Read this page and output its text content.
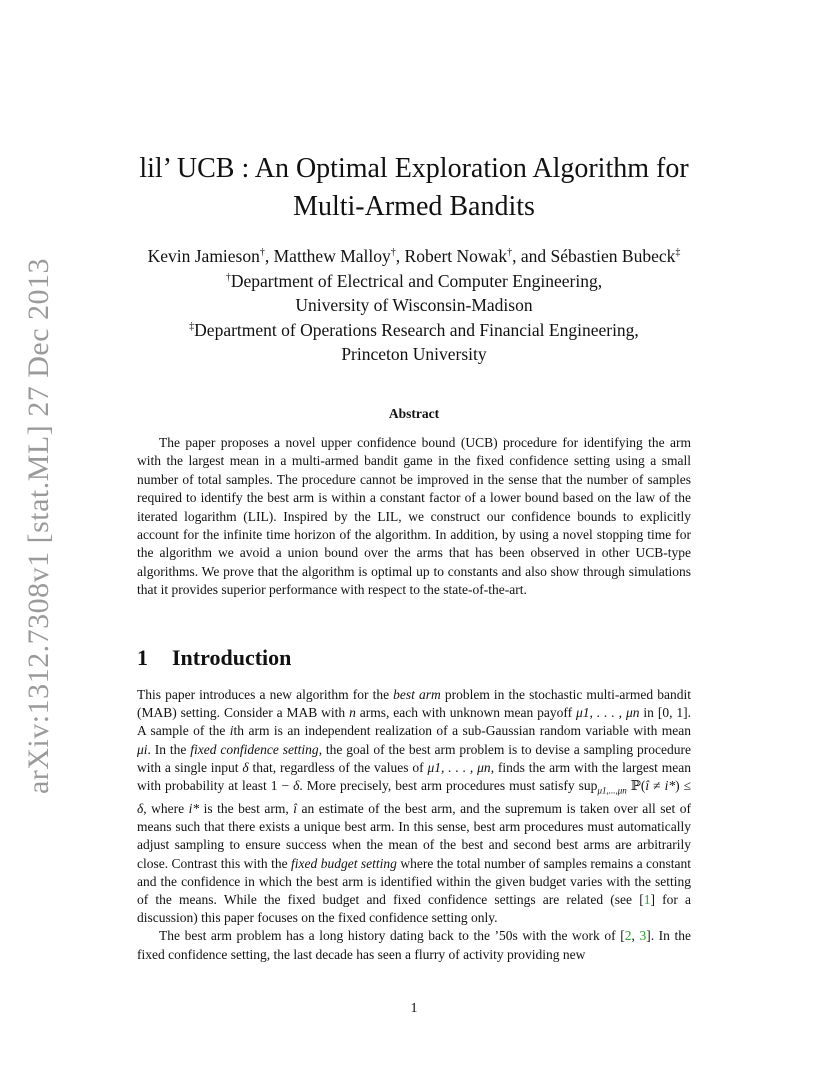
arXiv:1312.7308v1 [stat.ML] 27 Dec 2013
lil’ UCB : An Optimal Exploration Algorithm for
Multi-Armed Bandits
Kevin Jamieson†, Matthew Malloy†, Robert Nowak†, and Sébastien Bubeck‡
†Department of Electrical and Computer Engineering,
University of Wisconsin-Madison
‡Department of Operations Research and Financial Engineering,
Princeton University
Abstract
The paper proposes a novel upper confidence bound (UCB) procedure for identifying the arm with the largest mean in a multi-armed bandit game in the fixed confidence setting using a small number of total samples. The procedure cannot be improved in the sense that the number of samples required to identify the best arm is within a constant factor of a lower bound based on the law of the iterated logarithm (LIL). Inspired by the LIL, we construct our confidence bounds to explicitly account for the infinite time horizon of the algorithm. In addition, by using a novel stopping time for the algorithm we avoid a union bound over the arms that has been observed in other UCB-type algorithms. We prove that the algorithm is optimal up to constants and also show through simulations that it provides superior performance with respect to the state-of-the-art.
1 Introduction

This paper introduces a new algorithm for the best arm problem in the stochastic multi-armed bandit (MAB) setting. Consider a MAB with n arms, each with unknown mean payoff μ1, . . . , μn in [0, 1]. A sample of the ith arm is an independent realization of a sub-Gaussian random variable with mean μi. In the fixed confidence setting, the goal of the best arm problem is to devise a sampling procedure with a single input δ that, regardless of the values of μ1, . . . , μn, finds the arm with the largest mean with probability at least 1 − δ. More precisely, best arm procedures must satisfy sup$_{\mu 1,...,\mu n}$ ℙ(î ≠ i*) ≤ δ, where i* is the best arm, î an estimate of the best arm, and the supremum is taken over all set of means such that there exists a unique best arm. In this sense, best arm procedures must automatically adjust sampling to ensure success when the mean of the best and second best arms are arbitrarily close. Contrast this with the fixed budget setting where the total number of samples remains a constant and the confidence in which the best arm is identified within the given budget varies with the setting of the means. While the fixed budget and fixed confidence settings are related (see [1] for a discussion) this paper focuses on the fixed confidence setting only.

The best arm problem has a long history dating back to the ’50s with the work of [2, 3]. In the fixed confidence setting, the last decade has seen a flurry of activity providing new

1
